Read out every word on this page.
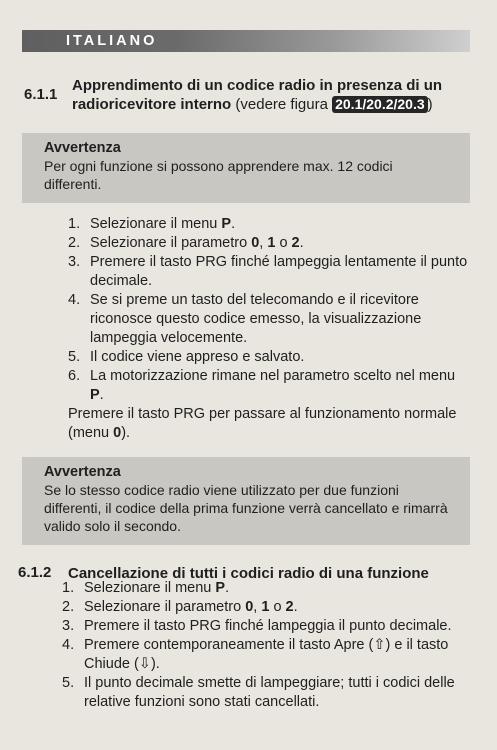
ITALIANO
6.1.1
Apprendimento di un codice radio in presenza di un radioricevitore interno (vedere figura 20.1/20.2/20.3 )
Avvertenza
Per ogni funzione si possono apprendere max. 12 codici differenti.
1. Selezionare il menu P.
2. Selezionare il parametro 0, 1 o 2.
3. Premere il tasto PRG finché lampeggia lentamente il punto decimale.
4. Se si preme un tasto del telecomando e il ricevitore riconosce questo codice emesso, la visualizzazione lampeggia velocemente.
5. Il codice viene appreso e salvato.
6. La motorizzazione rimane nel parametro scelto nel menu P.
Premere il tasto PRG per passare al funzionamento normale (menu 0).
Avvertenza
Se lo stesso codice radio viene utilizzato per due funzioni differenti, il codice della prima funzione verrà cancellato e rimarrà valido solo il secondo.
6.1.2 Cancellazione di tutti i codici radio di una funzione
1. Selezionare il menu P.
2. Selezionare il parametro 0, 1 o 2.
3. Premere il tasto PRG finché lampeggia il punto decimale.
4. Premere contemporaneamente il tasto Apre (⇧) e il tasto Chiude (⇩).
5. Il punto decimale smette di lampeggiare; tutti i codici delle relative funzioni sono stati cancellati.
